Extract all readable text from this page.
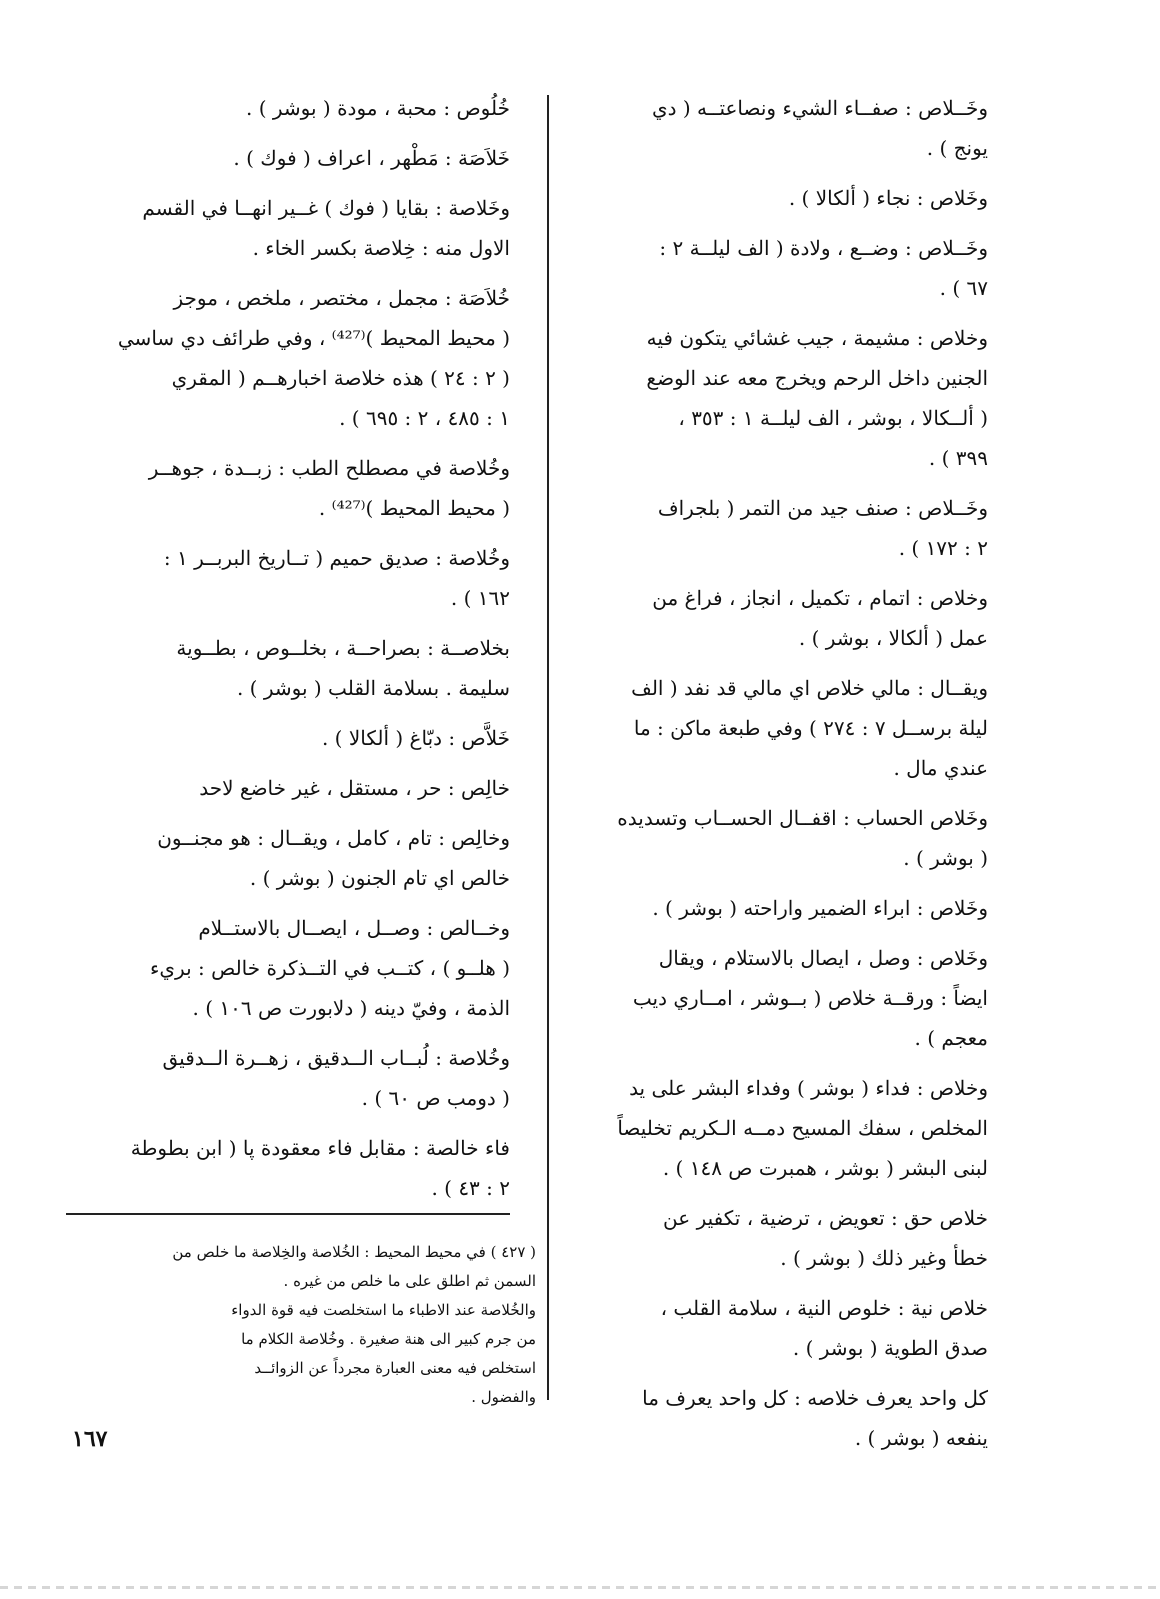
وخَــلاص : صفــاء الشيء ونصاعتــه ( دي
يونج ) .

وخَلاص : نجاء ( ألكالا ) .

وخَــلاص : وضــع ، ولادة ( الف ليلــة ٢ :
٦٧ ) .

وخلاص : مشيمة ، جيب غشائي يتكون فيه
الجنين داخل الرحم ويخرج معه عند الوضع
( ألــكالا ، بوشر ، الف ليلــة ١ : ٣٥٣ ،
٣٩٩ ) .

وخَــلاص : صنف جيد من التمر ( بلجراف
٢ : ١٧٢ ) .

وخلاص : اتمام ، تكميل ، انجاز ، فراغ من
عمل ( ألكالا ، بوشر ) .

ويقــال : مالي خلاص اي مالي قد نفد ( الف
ليلة برســل ٧ : ٢٧٤ ) وفي طبعة ماكن : ما
عندي مال .

وخَلاص الحساب : اقفــال الحســاب وتسديده
( بوشر ) .

وخَلاص : ابراء الضمير واراحته ( بوشر ) .

وخَلاص : وصل ، ايصال بالاستلام ، ويقال
ايضاً : ورقــة خلاص ( بــوشر ، امــاري ديب
معجم ) .

وخلاص : فداء ( بوشر ) وفداء البشر على يد
المخلص ، سفك المسيح دمــه الـكريم تخليصاً
لبنى البشر ( بوشر ، همبرت ص ١٤٨ ) .

خلاص حق : تعويض ، ترضية ، تكفير عن
خطأ وغير ذلك ( بوشر ) .

خلاص نية : خلوص النية ، سلامة القلب ،
صدق الطوية ( بوشر ) .

كل واحد يعرف خلاصه : كل واحد يعرف ما
ينفعه ( بوشر ) .

خُلُوص : محبة ، مودة ( بوشر ) .

خَلاَصَة : مَطْهر ، اعراف ( فوك ) .

وخَلاصة : بقايا ( فوك ) غــير انهــا في القسم
الاول منه : خِلاصة بكسر الخاء .

خُلاَصَة : مجمل ، مختصر ، ملخص ، موجز
( محيط المحيط )⁽⁴²⁷⁾ ، وفي طرائف دي ساسي
( ٢ : ٢٤ ) هذه خلاصة اخبارهــم ( المقري
١ : ٤٨٥ ، ٢ : ٦٩٥ ) .

وخُلاصة في مصطلح الطب : زبــدة ، جوهــر
( محيط المحيط )⁽⁴²⁷⁾ .

وخُلاصة : صديق حميم ( تــاريخ البربــر ١ :
١٦٢ ) .

بخلاصــة : بصراحــة ، بخلــوص ، بطــوية
سليمة . بسلامة القلب ( بوشر ) .

خَلاَّص : دبّاغ ( ألكالا ) .

خالِص : حر ، مستقل ، غير خاضع لاحد

وخالِص : تام ، كامل ، ويقــال : هو مجنــون
خالص اي تام الجنون ( بوشر ) .

وخــالص : وصــل ، ايصــال بالاستــلام
( هلــو ) ، كتــب في التــذكرة خالص : بريء
الذمة ، وفيّ دينه ( دلابورت ص ١٠٦ ) .

وخُلاصة : لُبــاب الــدقيق ، زهــرة الــدقيق
( دومب ص ٦٠ ) .

فاء خالصة : مقابل فاء معقودة پا ( ابن بطوطة
٢ : ٤٣ ) .

( ٤٢٧ ) في محيط المحيط : الخُلاصة والخِلاصة ما خلص من
السمن ثم اطلق على ما خلص من غيره .
والخُلاصة عند الاطباء ما استخلصت فيه قوة الدواء
من جرم كبير الى هنة صغيرة . وخُلاصة الكلام ما
استخلص فيه معنى العبارة مجرداً عن الزوائــد
والفضول .
١٦٧
